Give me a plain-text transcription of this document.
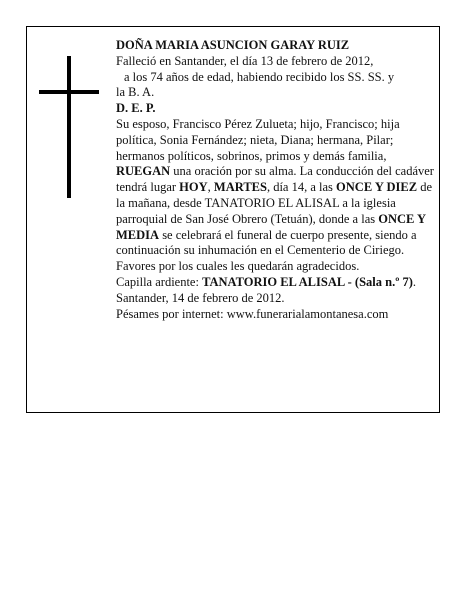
DOÑA MARIA ASUNCION GARAY RUIZ

Falleció en Santander, el día 13 de febrero de 2012,

a los 74 años de edad, habiendo recibido los SS. SS. y

la B. A.

D. E. P.

Su esposo, Francisco Pérez Zulueta; hijo, Francisco; hija política, Sonia Fernández; nieta, Diana; hermana, Pilar; hermanos políticos, sobrinos, primos y demás familia,

RUEGAN una oración por su alma. La conducción del cadáver tendrá lugar HOY, MARTES, día 14, a las ONCE Y DIEZ de la mañana, desde TANATORIO EL ALISAL a la iglesia parroquial de San José Obrero (Tetuán), donde a las ONCE Y MEDIA se celebrará el funeral de cuerpo presente, siendo a continuación su inhumación en el Cementerio de Ciriego. Favores por los cuales les quedarán agradecidos.

Capilla ardiente: TANATORIO EL ALISAL - (Sala n.º 7).

Santander, 14 de febrero de 2012.

Pésames por internet: www.funerarialamontanesa.com
